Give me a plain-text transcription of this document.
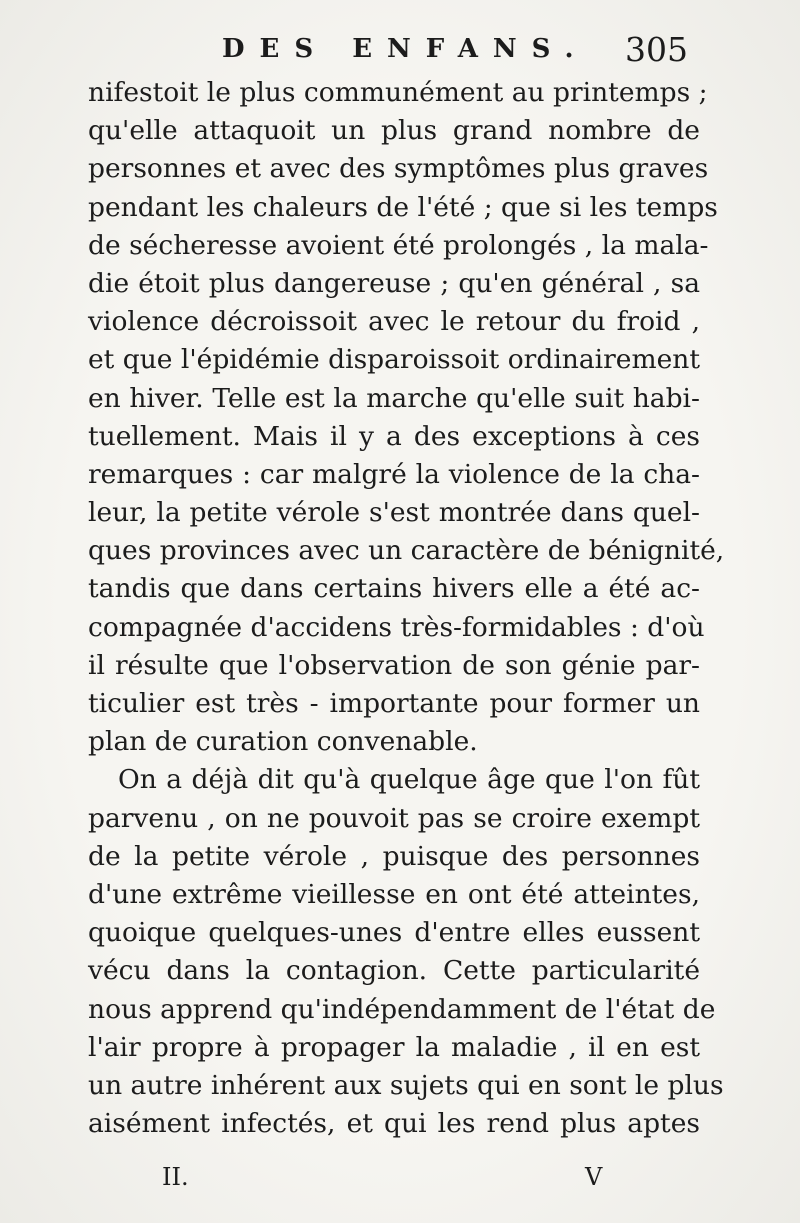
DES ENFANS. 305
nifestoit le plus communément au printemps ;
qu'elle attaquoit un plus grand nombre de
personnes et avec des symptômes plus graves
pendant les chaleurs de l'été ; que si les temps
de sécheresse avoient été prolongés , la mala-
die étoit plus dangereuse ; qu'en général , sa
violence décroissoit avec le retour du froid ,
et que l'épidémie disparoissoit ordinairement
en hiver. Telle est la marche qu'elle suit habi-
tuellement. Mais il y a des exceptions à ces
remarques : car malgré la violence de la cha-
leur, la petite vérole s'est montrée dans quel-
ques provinces avec un caractère de bénignité,
tandis que dans certains hivers elle a été ac-
compagnée d'accidens très-formidables : d'où
il résulte que l'observation de son génie par-
ticulier est très - importante pour former un
plan de curation convenable.
On a déjà dit qu'à quelque âge que l'on fût
parvenu , on ne pouvoit pas se croire exempt
de la petite vérole , puisque des personnes
d'une extrême vieillesse en ont été atteintes,
quoique quelques-unes d'entre elles eussent
vécu dans la contagion. Cette particularité
nous apprend qu'indépendamment de l'état de
l'air propre à propager la maladie , il en est
un autre inhérent aux sujets qui en sont le plus
aisément infectés, et qui les rend plus aptes
II.	V
